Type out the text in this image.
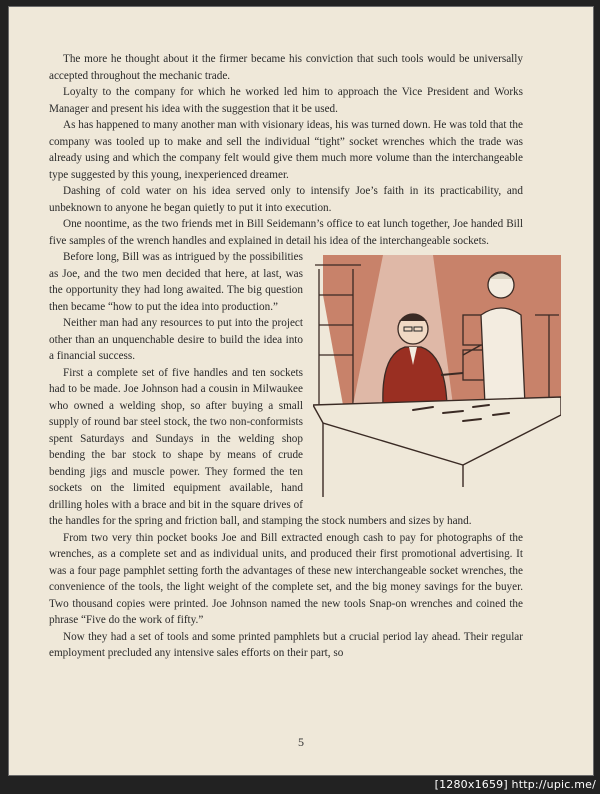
The more he thought about it the firmer became his conviction that such tools would be universally accepted throughout the mechanic trade.

Loyalty to the company for which he worked led him to approach the Vice President and Works Manager and present his idea with the suggestion that it be used.

As has happened to many another man with visionary ideas, his was turned down. He was told that the company was tooled up to make and sell the individual “tight” socket wrenches which the trade was already using and which the company felt would give them much more volume than the interchangeable type suggested by this young, inexperienced dreamer.

Dashing of cold water on his idea served only to intensify Joe’s faith in its practicability, and unbeknown to anyone he began quietly to put it into execution.

One noontime, as the two friends met in Bill Seidemann’s office to eat lunch together, Joe handed Bill five samples of the wrench handles and explained in detail his idea of the interchangeable sockets.

Before long, Bill was as intrigued by the possibilities as Joe, and the two men decided that here, at last, was the opportunity they had long awaited. The big question then became “how to put the idea into production.”

Neither man had any resources to put into the project other than an unquenchable desire to build the idea into a financial success.

First a complete set of five handles and ten sockets had to be made. Joe Johnson had a cousin in Milwaukee who owned a welding shop, so after buying a small supply of round bar steel stock, the two non-conformists spent Saturdays and Sundays in the welding shop bending the bar stock to shape by means of crude bending jigs and muscle power. They formed the ten sockets on the limited equipment available, hand drilling holes with a brace and bit in the square drives of the handles for the spring and friction ball, and stamping the stock numbers and sizes by hand.

From two very thin pocket books Joe and Bill extracted enough cash to pay for photographs of the wrenches, as a complete set and as individual units, and produced their first promotional advertising. It was a four page pamphlet setting forth the advantages of these new interchangeable socket wrenches, the convenience of the tools, the light weight of the complete set, and the big money savings for the buyer. Two thousand copies were printed. Joe Johnson named the new tools Snap-on wrenches and coined the phrase “Five do the work of fifty.”

Now they had a set of tools and some printed pamphlets but a crucial period lay ahead. Their regular employment precluded any intensive sales efforts on their part, so

5
[1280x1659] http://upic.me/
